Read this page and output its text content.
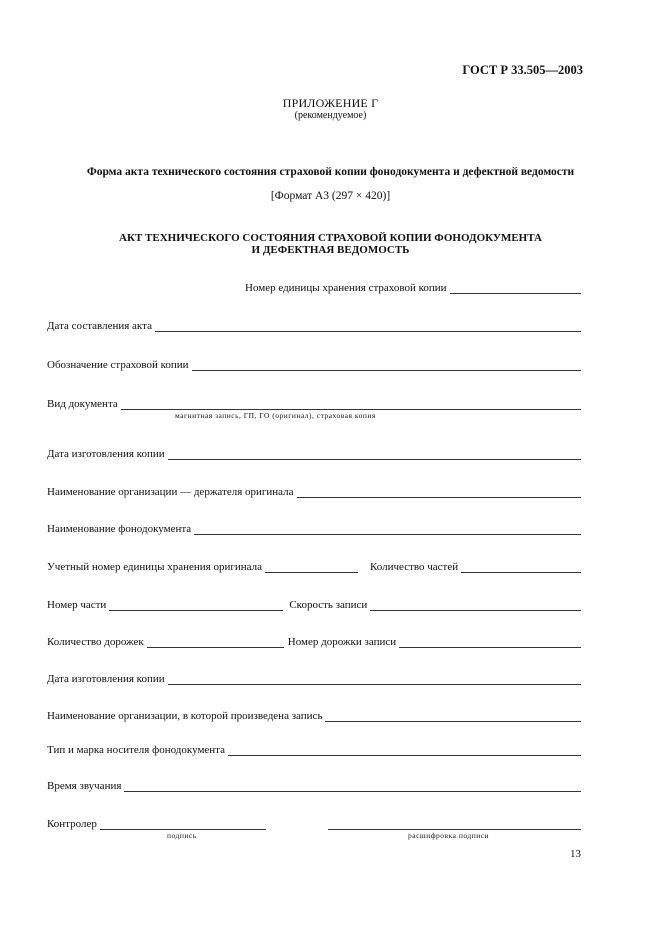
ГОСТ Р 33.505—2003
ПРИЛОЖЕНИЕ Г
(рекомендуемое)
Форма акта технического состояния страховой копии фонодокумента и дефектной ведомости
[Формат А3 (297 × 420)]
АКТ ТЕХНИЧЕСКОГО СОСТОЯНИЯ СТРАХОВОЙ КОПИИ ФОНОДОКУМЕНТА
И ДЕФЕКТНАЯ ВЕДОМОСТЬ
Номер единицы хранения страховой копии
Дата составления акта
Обозначение страховой копии
Вид документа
магнитная запись, ГП, ГО (оригинал), страховая копия
Дата изготовления копии
Наименование организации — держателя оригинала
Наименование фонодокумента
Учетный номер единицы хранения оригинала	Количество частей
Номер части	Скорость записи
Количество дорожек	Номер дорожки записи
Дата изготовления копии
Наименование организации, в которой произведена запись
Тип и марка носителя фонодокумента
Время звучания
Контролер
подпись	расшифровка подписи
13
